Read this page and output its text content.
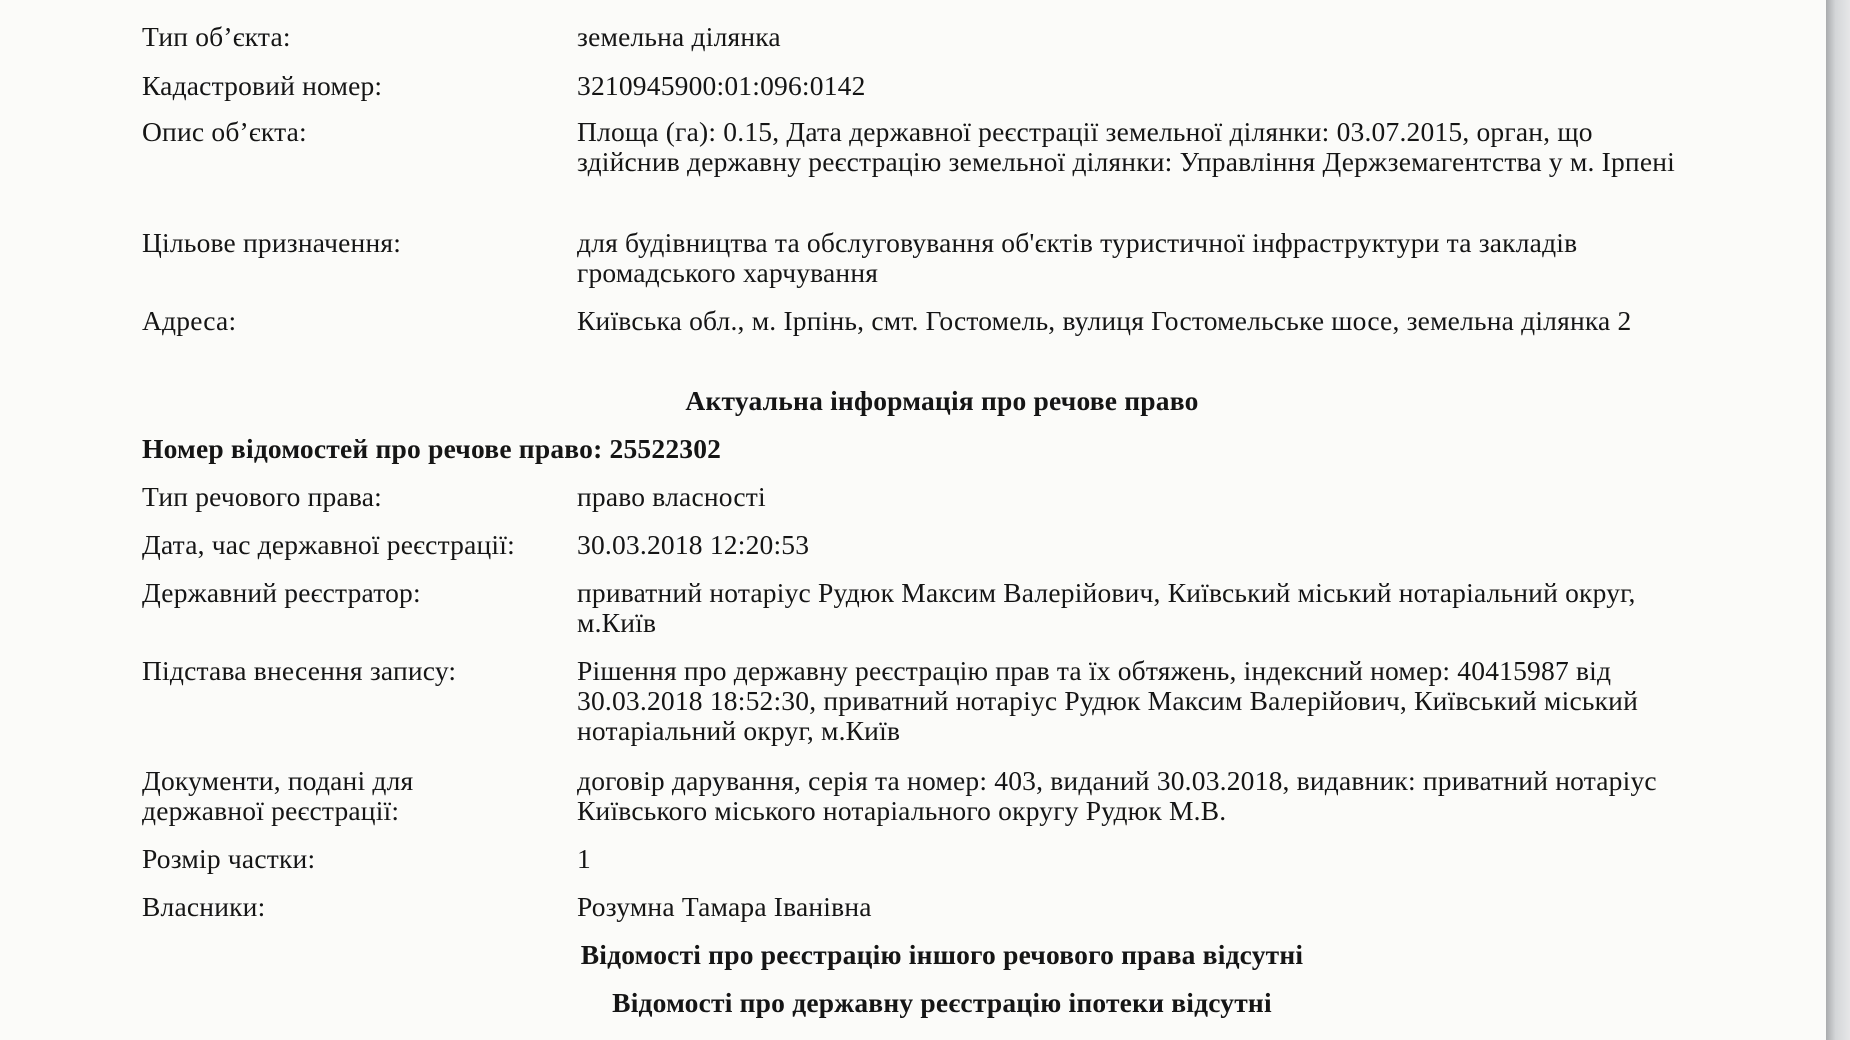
Тип об’єкта:	земельна ділянка
Кадастровий номер:	3210945900:01:096:0142
Опис об’єкта:	Площа (га): 0.15, Дата державної реєстрації земельної ділянки: 03.07.2015, орган, що здійснив державну реєстрацію земельної ділянки: Управління Держземагентства у м. Ірпені
Цільове призначення:	для будівництва та обслуговування об'єктів туристичної інфраструктури та закладів громадського харчування
Адреса:	Київська обл., м. Ірпінь, смт. Гостомель, вулиця Гостомельське шосе, земельна ділянка 2
Актуальна інформація про речове право
Номер відомостей про речове право: 25522302
Тип речового права:	право власності
Дата, час державної реєстрації:	30.03.2018 12:20:53
Державний реєстратор:	приватний нотаріус Рудюк Максим Валерійович, Київський міський нотаріальний округ, м.Київ
Підстава внесення запису:	Рішення про державну реєстрацію прав та їх обтяжень, індексний номер: 40415987 від 30.03.2018 18:52:30, приватний нотаріус Рудюк Максим Валерійович, Київський міський нотаріальний округ, м.Київ
Документи, подані для державної реєстрації:
договір дарування, серія та номер: 403, виданий 30.03.2018, видавник: приватний нотаріус Київського міського нотаріального округу Рудюк М.В.
Розмір частки:	1
Власники:	Розумна Тамара Іванівна
Відомості про реєстрацію іншого речового права відсутні
Відомості про державну реєстрацію іпотеки відсутні
